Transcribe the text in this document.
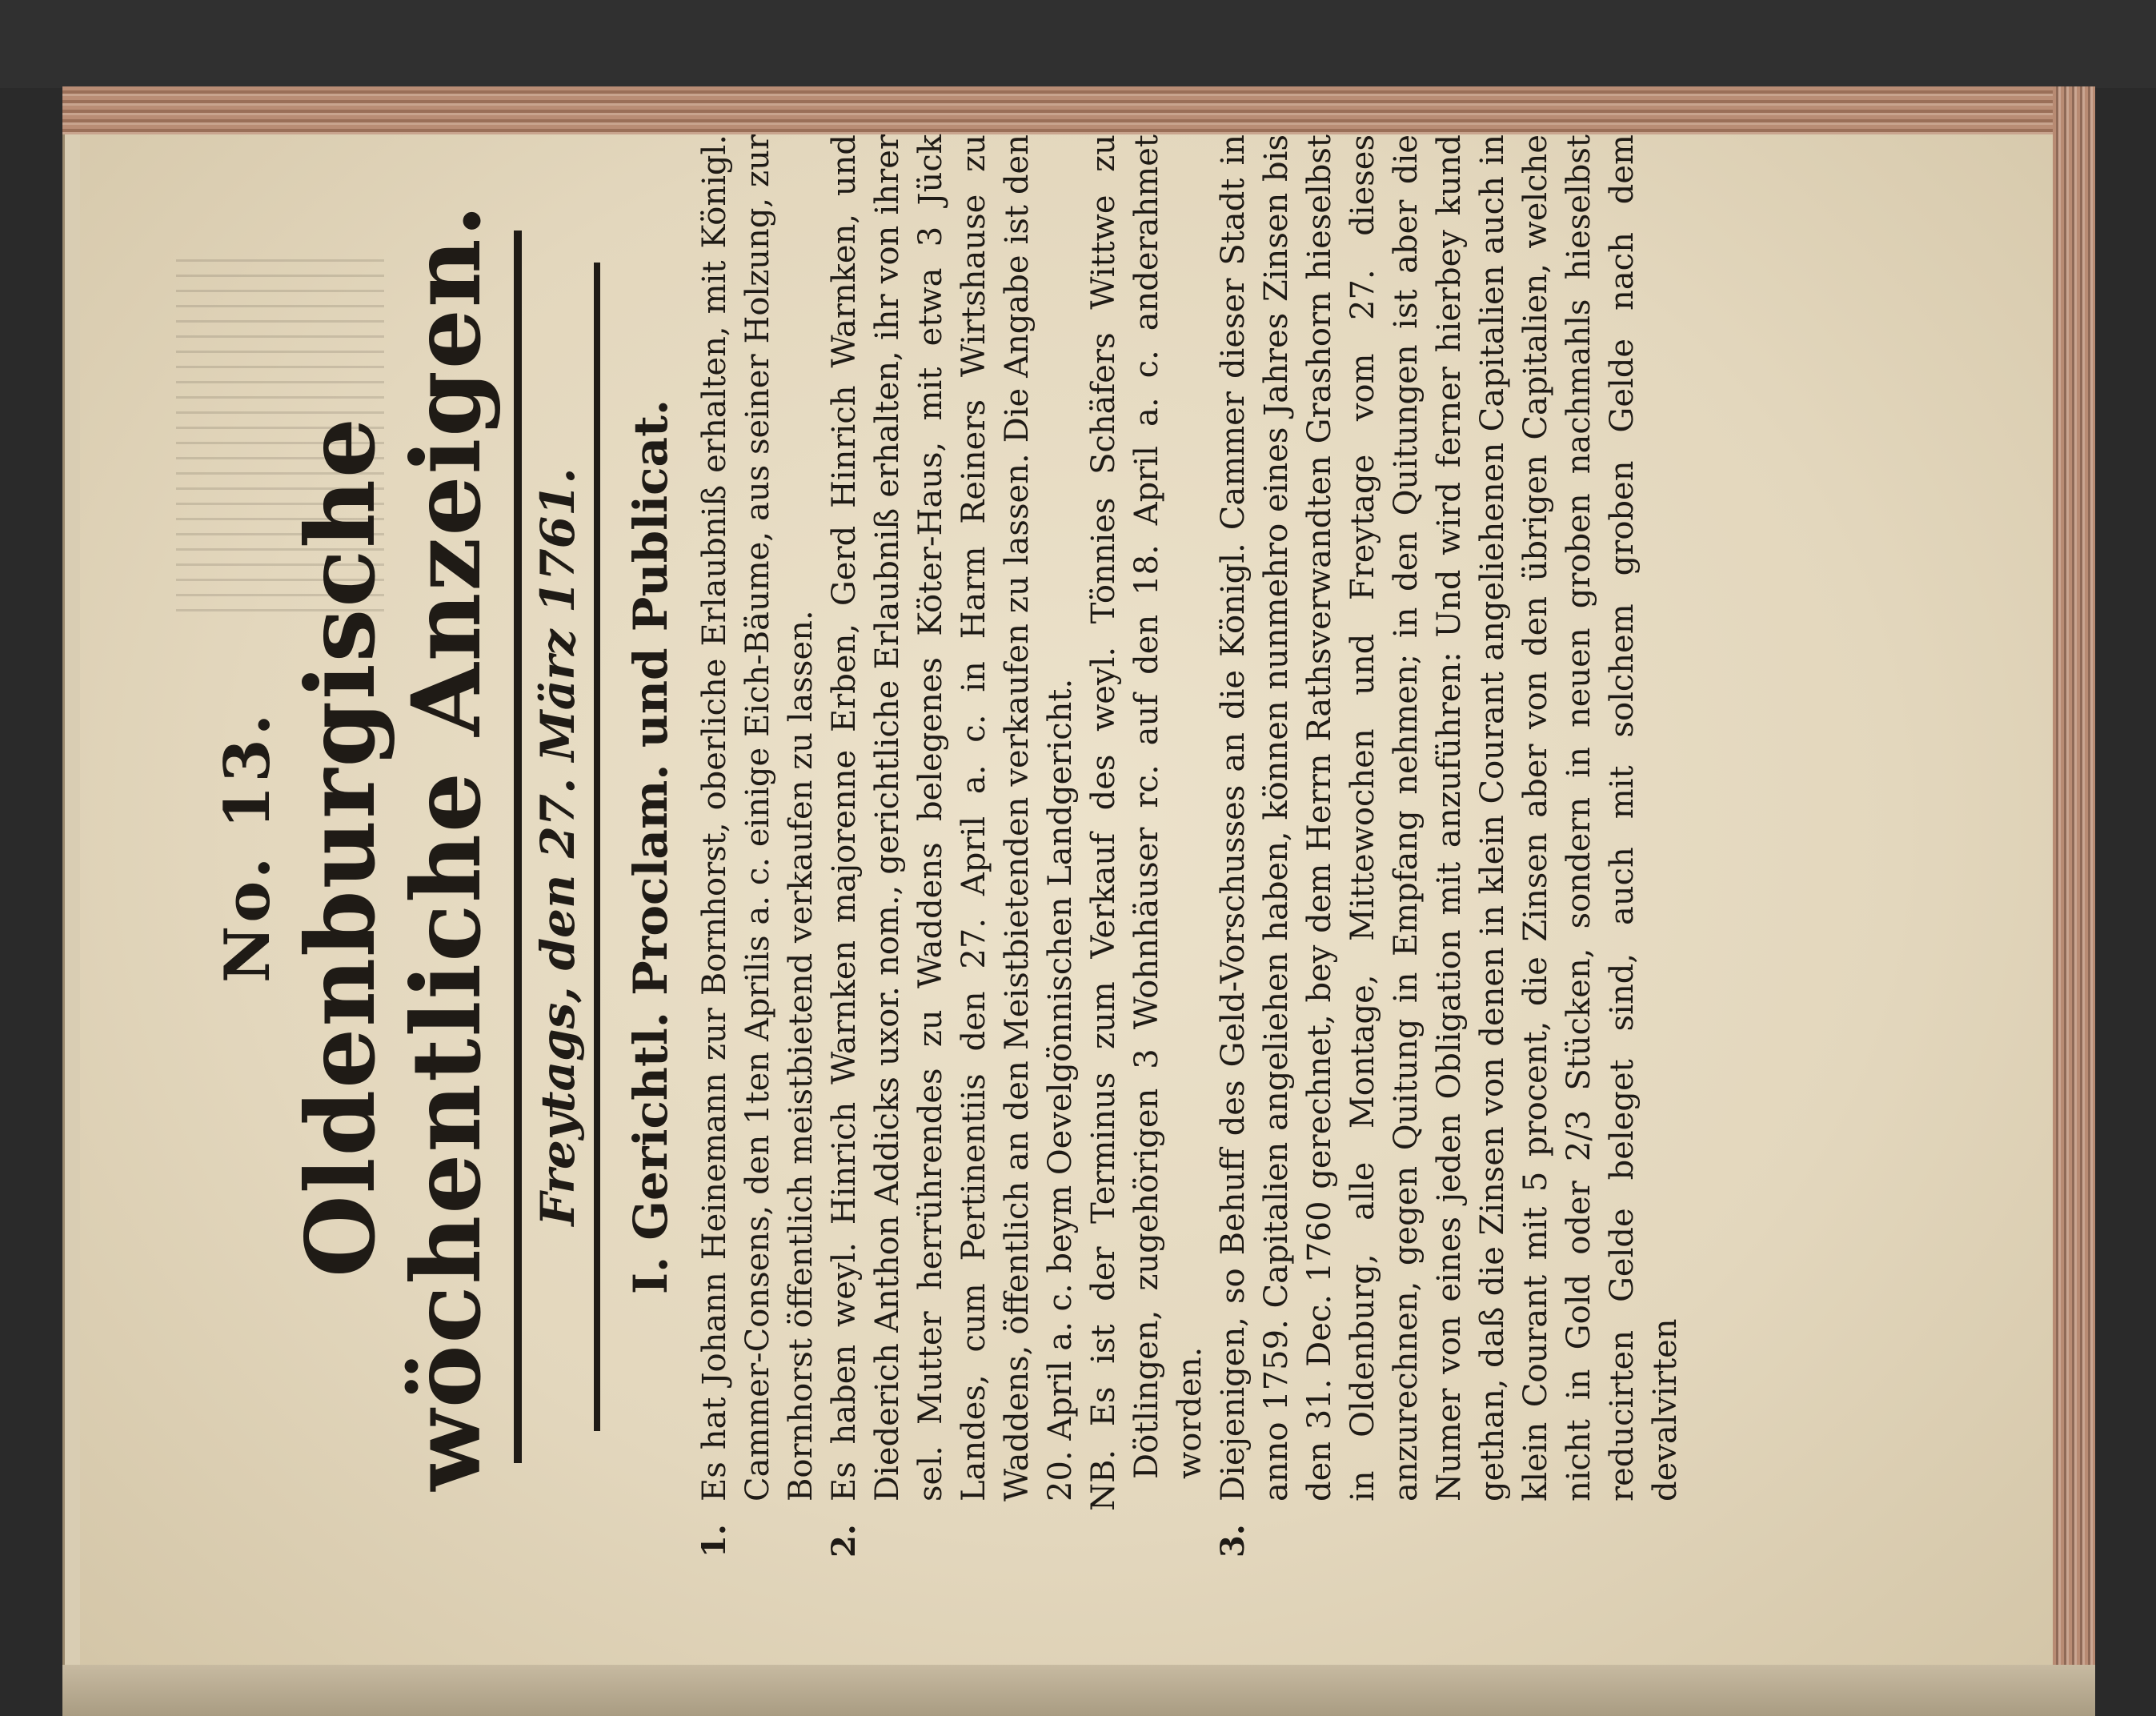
No. 13. Oldenburgische
wöchentliche Anzeigen. Freytags, den 27. März 1761. I. Gerichtl. Proclam. und Publicat.
1.
Es hat Johann Heinemann zur Bornhorst, oberliche Erlaubniß erhalten, mit Königl. Cammer-Consens, den 1ten Aprilis a. c. einige Eich-Bäume, aus seiner Holzung, zur Bornhorst öffentlich meistbietend verkaufen zu lassen.
2.
Es haben weyl. Hinrich Warnken majorenne Erben, Gerd Hinrich Warnken, und Diederich Anthon Addicks uxor. nom., gerichtliche Erlaubniß erhalten, ihr von ihrer sel. Mutter herrührendes zu Waddens belegenes Köter-Haus, mit etwa 3 Jück Landes, cum Pertinentiis den 27. April a. c. in Harm Reiners Wirtshause zu Waddens, öffentlich an den Meistbietenden verkaufen zu lassen. Die Angabe ist den 20. April a. c. beym Oevelgönnischen Landgericht. NB. Es ist der Terminus zum Verkauf des weyl. Tönnies Schäfers Wittwe zu Dötlingen, zugehörigen 3 Wohnhäuser rc. auf den 18. April a. c. anderahmet worden.
3.
Diejenigen, so Behuff des Geld-Vorschusses an die Königl. Cammer dieser Stadt in anno 1759. Capitalien angeliehen haben, können nunmehro eines Jahres Zinsen bis den 31. Dec. 1760 gerechnet, bey dem Herrn Rathsverwandten Grashorn hieselbst in Oldenburg, alle Montage, Mittewochen und Freytage vom 27. dieses anzurechnen, gegen Quitung in Empfang nehmen; in den Quitungen ist aber die Numer von eines jeden Obligation mit anzuführen: Und wird ferner hierbey kund gethan, daß die Zinsen von denen in klein Courant angeliehenen Capitalien auch in klein Courant mit 5 procent, die Zinsen aber von den übrigen Capitalien, welche nicht in Gold oder 2/3 Stücken, sondern in neuen groben nachmahls hieselbst reducirten Gelde beleget sind, auch mit solchem groben Gelde nach dem devalvirten
